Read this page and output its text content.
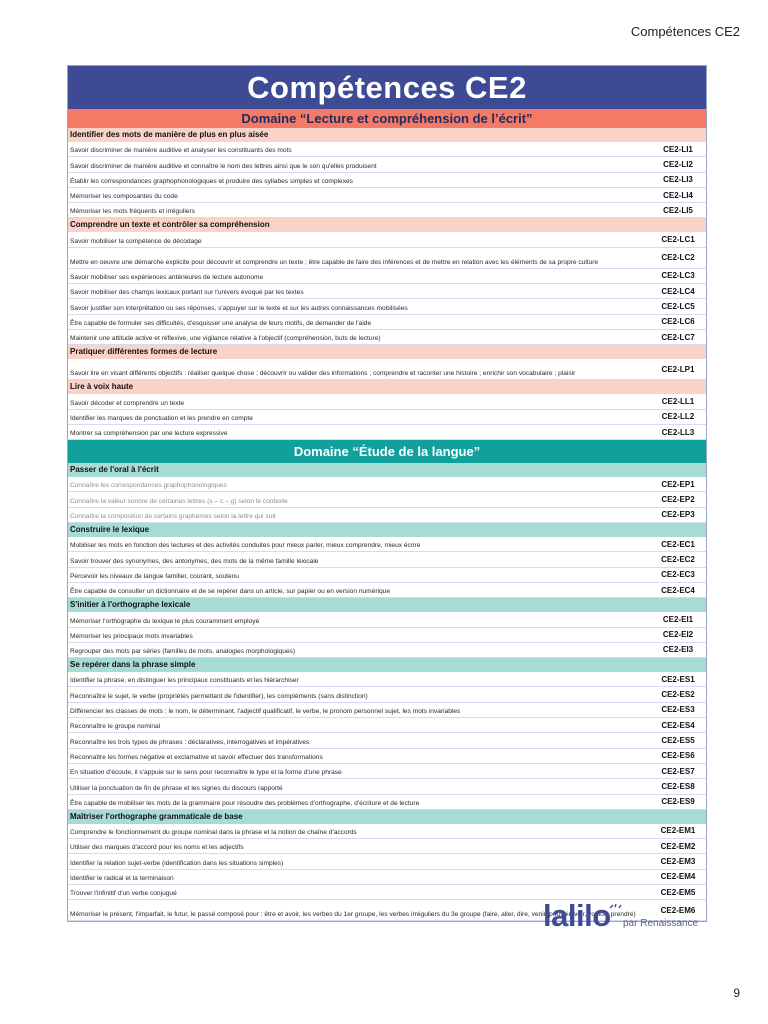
Compétences CE2
Compétences CE2
Domaine “Lecture et compréhension de l’écrit”
Identifier des mots de manière de plus en plus aisée
Savoir discriminer de manière auditive et analyser les constituants des mots	CE2-LI1
Savoir discriminer de manière auditive et connaître le nom des lettres ainsi que le son qu'elles produisent	CE2-LI2
Établir les correspondances graphophonologiques et produire des syllabes simples et complexes	CE2-LI3
Mémoriser les composantes du code	CE2-LI4
Mémoriser les mots fréquents et irréguliers	CE2-LI5
Comprendre un texte et contrôler sa compréhension
Savoir mobiliser la compétence de décodage	CE2-LC1
Mettre en oeuvre une démarche explicite pour découvrir et comprendre un texte ; être capable de faire des inférences et de mettre en relation avec les éléments de sa propre culture	CE2-LC2
Savoir mobiliser ses expériences antérieures de lecture autonome	CE2-LC3
Savoir mobiliser des champs lexicaux portant sur l'univers évoqué par les textes	CE2-LC4
Savoir justifier son interprétation ou ses réponses, s'appuyer sur le texte et sur les autres connaissances mobilisées	CE2-LC5
Être capable de formuler ses difficultés, d'esquisser une analyse de leurs motifs, de demander de l'aide	CE2-LC6
Maintenir une attitude active et réflexive, une vigilance relative à l'objectif (compréhension, buts de lecture)	CE2-LC7
Pratiquer différentes formes de lecture
Savoir lire en visant différents objectifs : réaliser quelque chose ; découvrir ou valider des informations ; comprendre et raconter une histoire ; enrichir son vocabulaire ; plaisir	CE2-LP1
Lire à voix haute
Savoir décoder et comprendre un texte	CE2-LL1
Identifier les marques de ponctuation et les prendre en compte	CE2-LL2
Montrer sa compréhension par une lecture expressive	CE2-LL3
Domaine “Étude de la langue”
Passer de l'oral à l'écrit
Connaître les correspondances graphophonologiques	CE2-EP1
Connaître la valeur sonore de certaines lettres (s – c – g) selon le contexte	CE2-EP2
Connaître la composition de certains graphèmes selon la lettre qui suit	CE2-EP3
Construire le lexique
Mobiliser les mots en fonction des lectures et des activités conduites pour mieux parler, mieux comprendre, mieux écrire	CE2-EC1
Savoir trouver des synonymes, des antonymes, des mots de la même famille lexicale	CE2-EC2
Percevoir les niveaux de langue familier, courant, soutenu	CE2-EC3
Être capable de consulter un dictionnaire et de se repérer dans un article, sur papier ou en version numérique	CE2-EC4
S'initier à l'orthographe lexicale
Mémoriser l'orthographe du lexique le plus couramment employé	CE2-EI1
Mémoriser les principaux mots invariables	CE2-EI2
Regrouper des mots par séries (familles de mots, analogies morphologiques)	CE2-EI3
Se repérer dans la phrase simple
Identifier la phrase, en distinguer les principaux constituants et les hiérarchiser	CE2-ES1
Reconnaître le sujet, le verbe (propriétés permettant de l'identifier), les compléments (sans distinction)	CE2-ES2
Différencier les classes de mots : le nom, le déterminant, l'adjectif qualificatif, le verbe, le pronom personnel sujet, les mots invariables	CE2-ES3
Reconnaître le groupe nominal	CE2-ES4
Reconnaître les trois types de phrases : déclaratives, interrogatives et impératives	CE2-ES5
Reconnaître les formes négative et exclamative et savoir effectuer des transformations	CE2-ES6
En situation d'écoute, il s'appuie sur le sens pour reconnaître le type et la forme d'une phrase	CE2-ES7
Utiliser la ponctuation de fin de phrase et les signes du discours rapporté	CE2-ES8
Être capable de mobiliser les mots de la grammaire pour résoudre des problèmes d'orthographe, d'écriture et de lecture	CE2-ES9
Maîtriser l'orthographe grammaticale de base
Comprendre le fonctionnement du groupe nominal dans la phrase et la notion de chaîne d'accords	CE2-EM1
Utiliser des marques d'accord pour les noms et les adjectifs	CE2-EM2
Identifier la relation sujet-verbe (identification dans les situations simples)	CE2-EM3
Identifier le radical et la terminaison	CE2-EM4
Trouver l'infinitif d'un verbe conjugué	CE2-EM5
Mémoriser le présent, l'imparfait, le futur, le passé composé pour : être et avoir, les verbes du 1er groupe, les verbes irréguliers du 3e groupe (faire, aller, dire, venir, pouvoir, voir, vouloir, prendre)	CE2-EM6
lalilo par Renaissance
9
